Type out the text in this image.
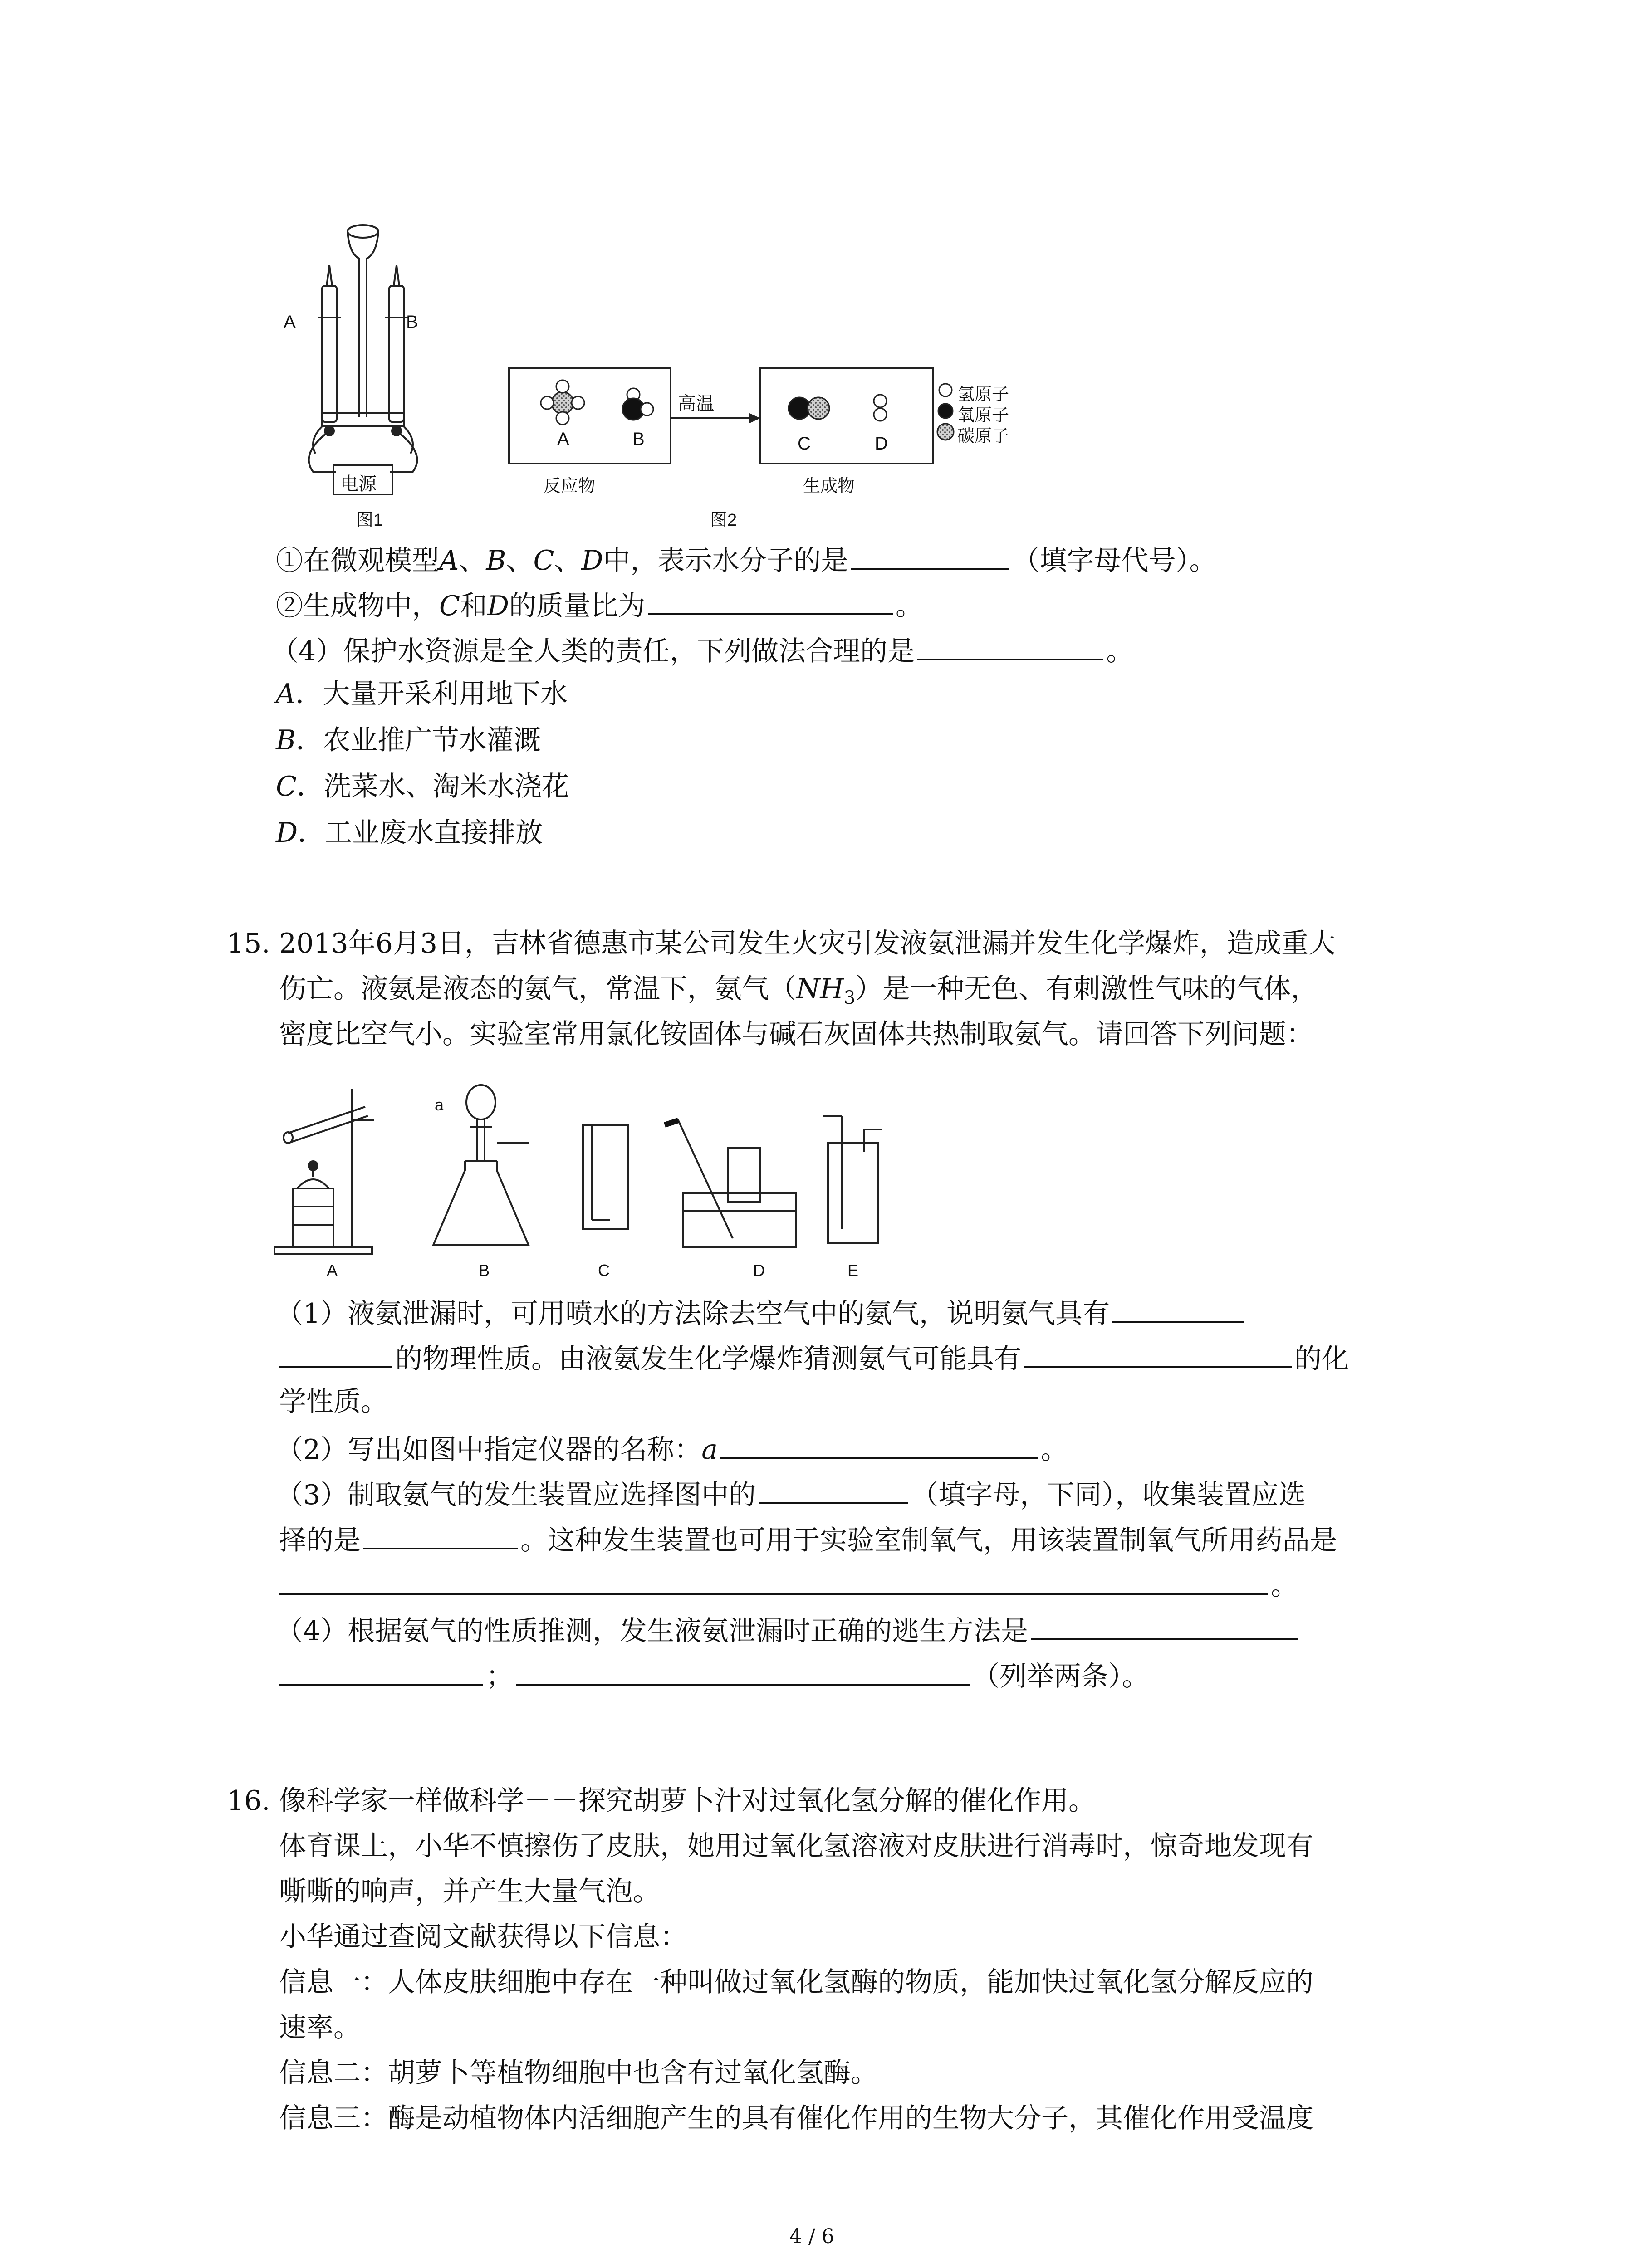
A	B
电源
图1
A	B
高温
C	D
氢原子
氧原子
碳原子
反应物	生成物
图2
①在微观模型A、B、C、D中，表示水分子的是	（填字母代号）。
②生成物中，C和D的质量比为	。
（4）保护水资源是全人类的责任，下列做法合理的是	。
A．大量开采利用地下水
B．农业推广节水灌溉
C．洗菜水、淘米水浇花
D．工业废水直接排放
15. 2013年6月3日，吉林省德惠市某公司发生火灾引发液氨泄漏并发生化学爆炸，造成重大
伤亡。液氨是液态的氨气，常温下，氨气$(NH_3)$是一种无色、有刺激性气味的气体，
密度比空气小。实验室常用氯化铵固体与碱石灰固体共热制取氨气。请回答下列问题：
A	B	C	D	E
a
（1）液氨泄漏时，可用喷水的方法除去空气中的氨气，说明氨气具有
的物理性质。由液氨发生化学爆炸猜测氨气可能具有	的化
学性质。
（2）写出如图中指定仪器的名称：a	。
（3）制取氨气的发生装置应选择图中的	（填字母，下同），收集装置应选
择的是	。这种发生装置也可用于实验室制氧气，用该装置制氧气所用药品是
。
（4）根据氨气的性质推测，发生液氨泄漏时正确的逃生方法是
；	（列举两条）。
16. 像科学家一样做科学－－探究胡萝卜汁对过氧化氢分解的催化作用。
体育课上，小华不慎擦伤了皮肤，她用过氧化氢溶液对皮肤进行消毒时，惊奇地发现有
嘶嘶的响声，并产生大量气泡。
小华通过查阅文献获得以下信息：
信息一：人体皮肤细胞中存在一种叫做过氧化氢酶的物质，能加快过氧化氢分解反应的
速率。
信息二：胡萝卜等植物细胞中也含有过氧化氢酶。
信息三：酶是动植物体内活细胞产生的具有催化作用的生物大分子，其催化作用受温度
4 / 6
